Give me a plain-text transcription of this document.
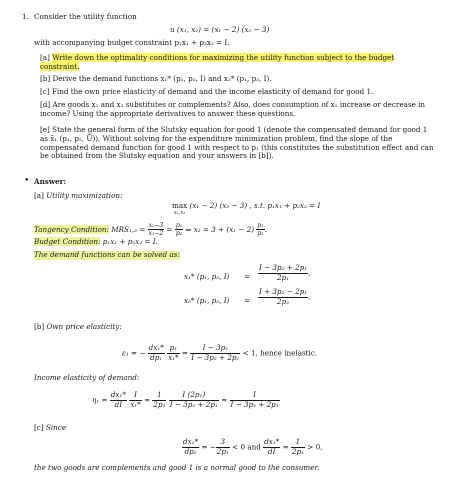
1. Consider the utility function
u (x₁, x₂) = (x₁ − 2) (x₂ − 3)
with accompanying budget constraint p₁x₁ + p₂x₂ = I.
[a] Write down the optimality conditions for maximizing the utility function subject to the budget constraint.
[b] Derive the demand functions x₁* (p₁, p₂, I) and x₂* (p₁, p₂, I).
[c] Find the own price elasticity of demand and the income elasticity of demand for good 1.
[d] Are goods x₁ and x₂ substitutes or complements? Also, does consumption of x₁ increase or decrease in income? Using the appropriate derivatives to answer these questions.
[e] State the general form of the Slutsky equation for good 1 (denote the compensated demand for good 1 as x̃₁ (p₁, p₂, Ū)). Without solving for the expenditure minimization problem, find the slope of the compensated demand function for good 1 with respect to p₁ (this constitutes the substitution effect and can be obtained from the Slutsky equation and your answers in [b]).
• Answer:
[a] Utility maximization:
max
x₁,x₂
(x₁ − 2) (x₂ − 3) , s.t. p₁x₁ + p₂x₂ = I
Tangency Condition: $MRS_1,_2 = \frac{\text{x₂−3}}{\text{x₁−2}} = \frac{\text{p₁}}{\text{p₂}}$ ⇒ $x_2 = 3 + (x_1 - 2) \frac{\text{p₁}}{\text{p₂}}$ .
Budget Condition: p₁x₁ + p₂x₂ = I.
The demand functions can be solved as:
x₁* (p₁, p₂, $I) = \frac{\text{I − 3p₂ + 2p₁}}{\text{2p₁}}$ ,
x₂* (p₁, p₂, $I) = \frac{\text{I + 3p₂ − 2p₁}}{\text{2p₂}}$ .
[b] Own price elasticity:
ε₁ = − $\frac{\text{dx₁*}}{\text{dp₁}}$
$\frac{\text{p₁}}{\text{x₁*}} = \frac{\text{I − 3p₂}}{\text{I − 3p₂ + 2p₁}} < 1$, hence inelastic.
Income elasticity of demand:
$\eta_1 = \frac{\text{dx₁*}}{dI}$
$\frac{I}{\text{x₁*}} = \frac{1}{\text{2p₁}}$
$\frac{\text{I (2p₁)}}{\text{I − 3p₂ + 2p₁}} = \frac{I}{\text{I − 3p₂ + 2p₁}}$
[c] Since
$\frac{\text{dx₁*}}{\text{dp₂}}$ = − $\frac{3}{\text{2p₁}} < 0$ and $\frac{\text{dx₁*}}{dI} = \frac{1}{\text{2p₁}} > 0$,
the two goods are complements and good 1 is a normal good to the consumer.
